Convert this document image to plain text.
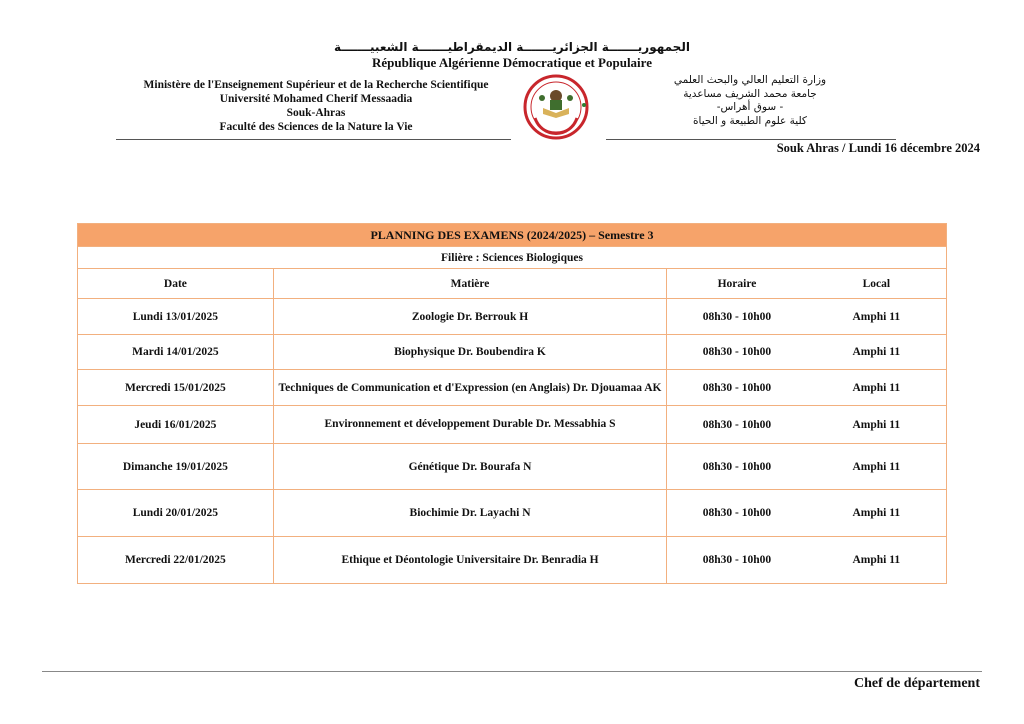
الجمهوريـــــــة الجزائريـــــــة الديمقراطيـــــــة الشعبيـــــــة
République Algérienne Démocratique et Populaire
Ministère de l'Enseignement Supérieur et de la Recherche Scientifique
Université Mohamed Cherif Messaadia
Souk-Ahras
Faculté des Sciences de la Nature la Vie
وزارة التعليم العالي والبحث العلمي
جامعة محمد الشريف مساعدية
- سوق أهراس-
كلية علوم الطبيعة و الحياة
Souk Ahras / Lundi 16 décembre 2024
PLANNING DES EXAMENS (2024/2025) – Semestre 3			
Filière : Sciences Biologiques			
Date	Matière	Horaire	Local
Lundi 13/01/2025	Zoologie Dr. Berrouk H	08h30 - 10h00	Amphi 11
Mardi 14/01/2025	Biophysique Dr. Boubendira K	08h30 - 10h00	Amphi 11
Mercredi 15/01/2025	Techniques de Communication et d'Expression (en Anglais) Dr. Djouamaa AK	08h30 - 10h00	Amphi 11
Jeudi 16/01/2025	Environnement et développement Durable Dr. Messabhia S	08h30 - 10h00	Amphi 11
Dimanche 19/01/2025	Génétique Dr. Bourafa N	08h30 - 10h00	Amphi 11
Lundi 20/01/2025	Biochimie Dr. Layachi N	08h30 - 10h00	Amphi 11
Mercredi 22/01/2025	Ethique et Déontologie Universitaire Dr. Benradia H	08h30 - 10h00	Amphi 11
Chef de département
